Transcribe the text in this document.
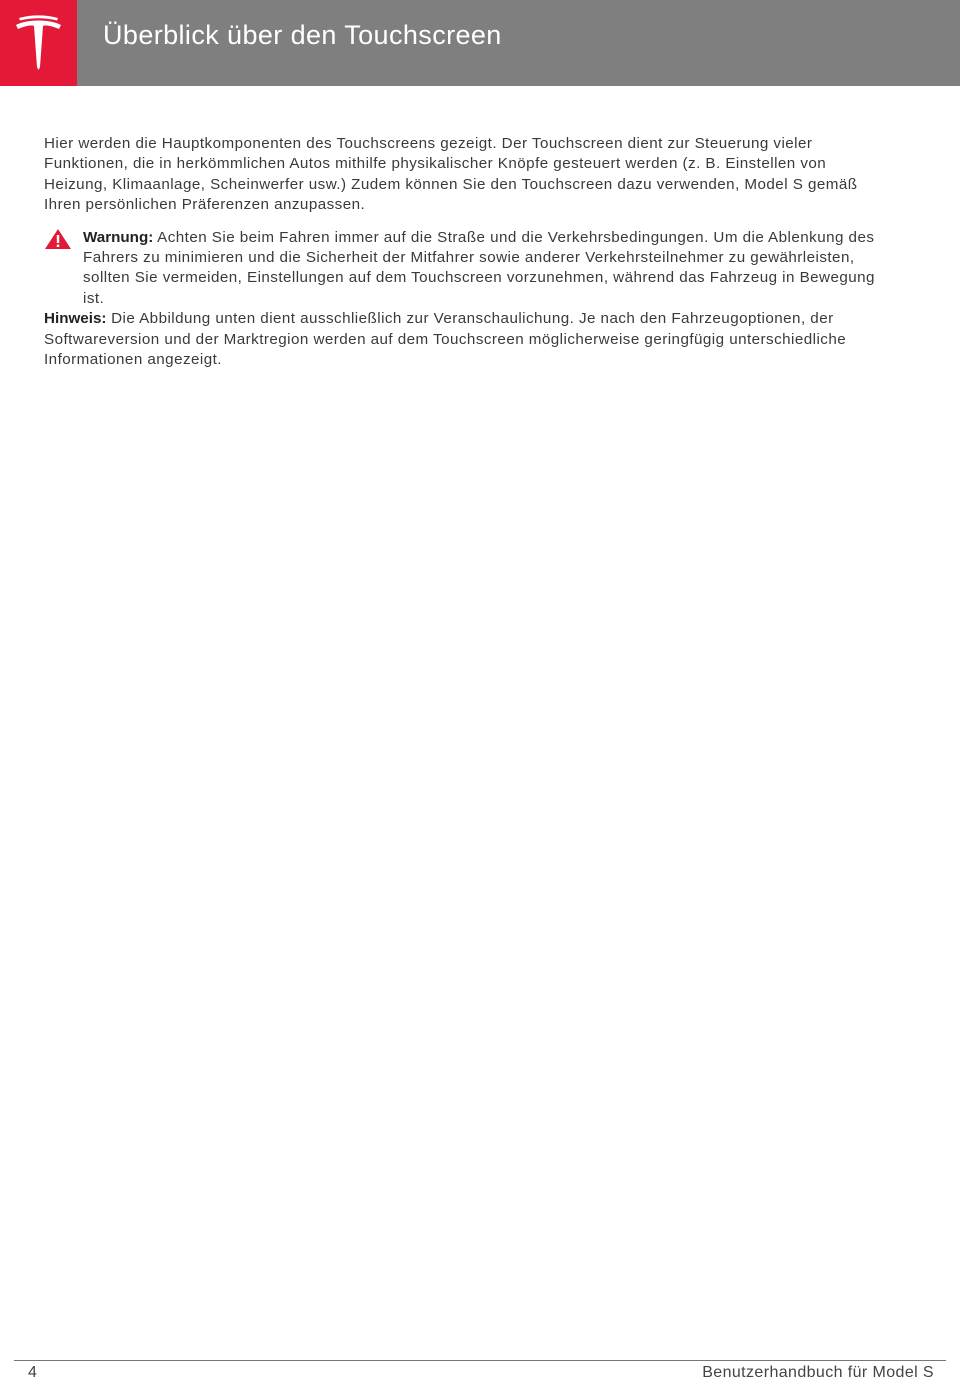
Überblick über den Touchscreen

Hier werden die Hauptkomponenten des Touchscreens gezeigt. Der Touchscreen dient zur Steuerung vieler Funktionen, die in herkömmlichen Autos mithilfe physikalischer Knöpfe gesteuert werden (z. B. Einstellen von Heizung, Klimaanlage, Scheinwerfer usw.) Zudem können Sie den Touchscreen dazu verwenden, Model S gemäß Ihren persönlichen Präferenzen anzupassen.

Warnung: Achten Sie beim Fahren immer auf die Straße und die Verkehrsbedingungen. Um die Ablenkung des Fahrers zu minimieren und die Sicherheit der Mitfahrer sowie anderer Verkehrsteilnehmer zu gewährleisten, sollten Sie vermeiden, Einstellungen auf dem Touchscreen vorzunehmen, während das Fahrzeug in Bewegung ist.

Hinweis: Die Abbildung unten dient ausschließlich zur Veranschaulichung. Je nach den Fahrzeugoptionen, der Softwareversion und der Marktregion werden auf dem Touchscreen möglicherweise geringfügig unterschiedliche Informationen angezeigt.

4	Benutzerhandbuch für Model S
